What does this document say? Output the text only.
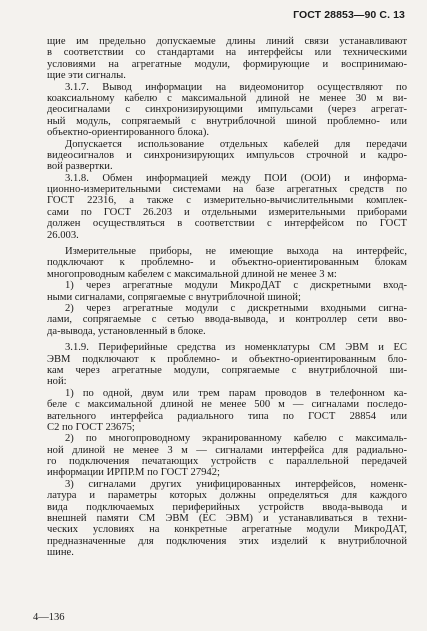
ГОСТ 28853—90 С. 13
щие им предельно допускаемые длины линий связи устанавливают
в соответствии со стандартами на интерфейсы или техническими
условиями на агрегатные модули, формирующие и воспринимаю-
щие эти сигналы.
3.1.7. Вывод информации на видеомонитор осуществляют по
коаксиальному кабелю с максимальной длиной не менее 30 м ви-
деосигналами с синхронизирующими импульсами (через агрегат-
ный модуль, сопрягаемый с внутриблочной шиной проблемно- или
объектно-ориентированного блока).
Допускается использование отдельных кабелей для передачи
видеосигналов и синхронизирующих импульсов строчной и кадро-
вой развертки.
3.1.8. Обмен информацией между ПОИ (ООИ) и информа-
ционно-измерительными системами на базе агрегатных средств по
ГОСТ 22316, а также с измерительно-вычислительными комплек-
сами по ГОСТ 26.203 и отдельными измерительными приборами
должен осуществляться в соответствии с интерфейсом по ГОСТ
26.003.
Измерительные приборы, не имеющие выхода на интерфейс,
подключают к проблемно- и объектно-ориентированным блокам
многопроводным кабелем с максимальной длиной не менее 3 м:
1) через агрегатные модули МикроДАТ с дискретными вход-
ными сигналами, сопрягаемые с внутриблочной шиной;
2) через агрегатные модули с дискретными входными сигна-
лами, сопрягаемые с сетью ввода-вывода, и контроллер сети вво-
да-вывода, установленный в блоке.
3.1.9. Периферийные средства из номенклатуры СМ ЭВМ и ЕС
ЭВМ подключают к проблемно- и объектно-ориентированным бло-
кам через агрегатные модули, сопрягаемые с внутриблочной ши-
ной:
1) по одной, двум или трем парам проводов в телефонном ка-
беле с максимальной длиной не менее 500 м — сигналами последо-
вательного интерфейса радиального типа по ГОСТ 28854 или
С2 по ГОСТ 23675;
2) по многопроводному экранированному кабелю с максималь-
ной длиной не менее 3 м — сигналами интерфейса для радиально-
го подключения печатающих устройств с параллельной передачей
информации ИРПР.М по ГОСТ 27942;
3) сигналами других унифицированных интерфейсов, номенк-
латура и параметры которых должны определяться для каждого
вида подключаемых периферийных устройств ввода-вывода и
внешней памяти СМ ЭВМ (ЕС ЭВМ) и устанавливаться в техни-
ческих условиях на конкретные агрегатные модули МикроДАТ,
предназначенные для подключения этих изделий к внутриблочной
шине.
4—136
